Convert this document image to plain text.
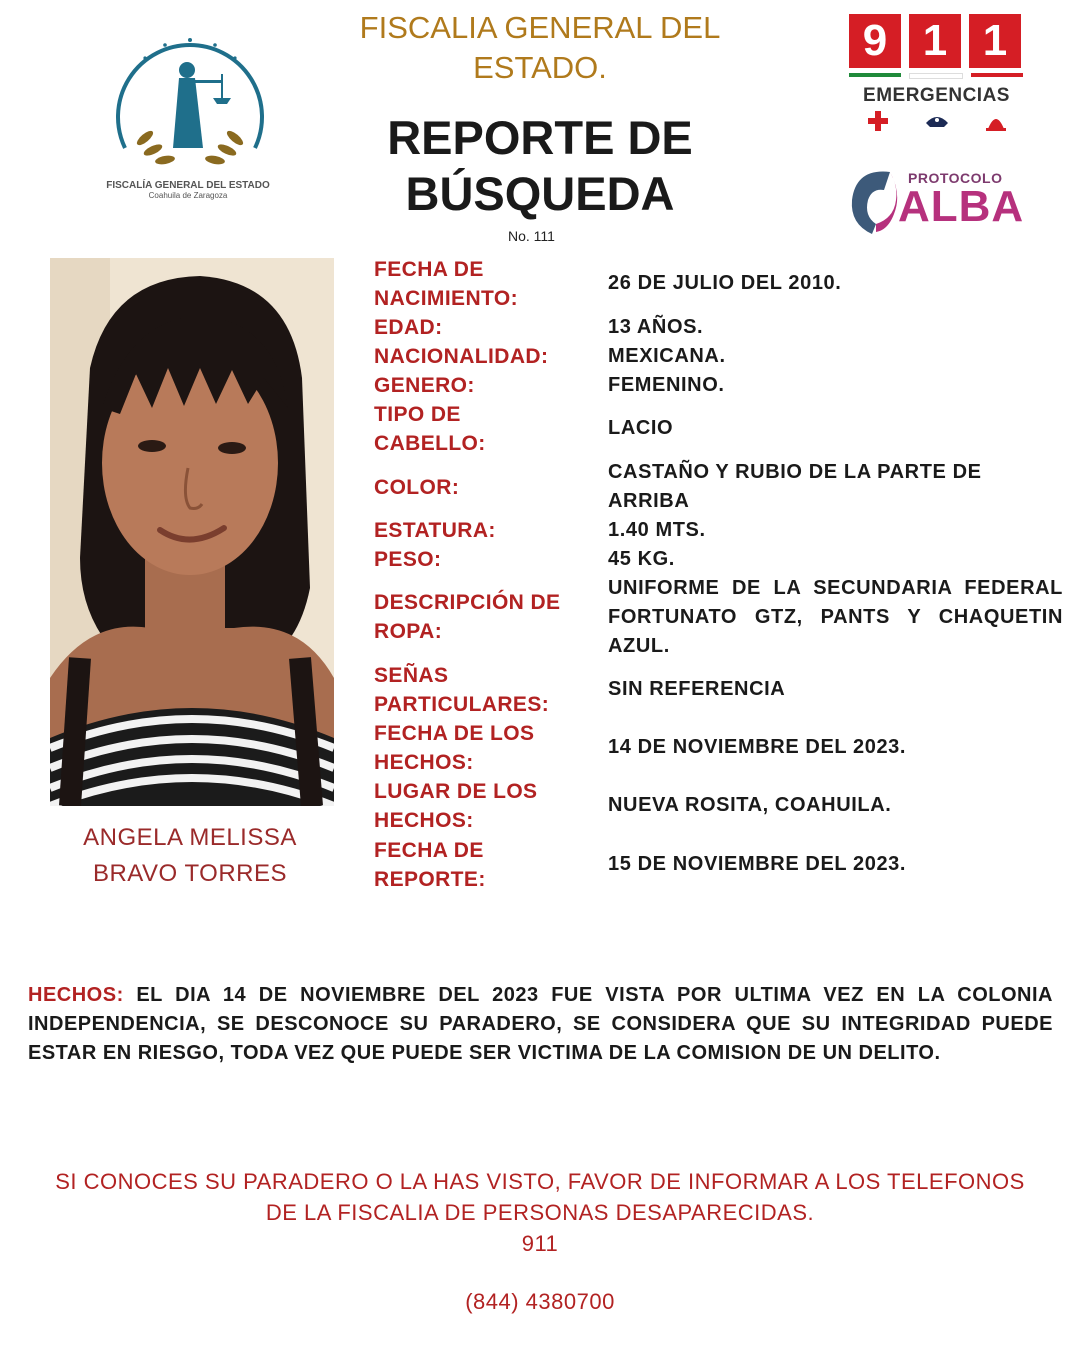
FISCALIA GENERAL DEL
ESTADO.
REPORTE DE
BÚSQUEDA
No. 111
FISCALÍA GENERAL DEL ESTADO
Coahuila de Zaragoza
9 1 1
EMERGENCIAS
PROTOCOLO
ALBA
ANGELA MELISSA
BRAVO TORRES
FECHA DE NACIMIENTO:
26 DE JULIO DEL 2010.
EDAD:	13 AÑOS.
NACIONALIDAD:	MEXICANA.
GENERO:	FEMENINO.
TIPO DE CABELLO:
LACIO
COLOR:
CASTAÑO Y RUBIO DE LA PARTE DE ARRIBA
ESTATURA:	1.40 MTS.
PESO:	45 KG.
DESCRIPCIÓN DE ROPA:
UNIFORME DE LA SECUNDARIA FEDERAL FORTUNATO GTZ, PANTS Y CHAQUETIN AZUL.
SEÑAS PARTICULARES:
SIN REFERENCIA
FECHA DE LOS HECHOS:
14 DE NOVIEMBRE DEL 2023.
LUGAR DE LOS HECHOS:
NUEVA ROSITA, COAHUILA.
FECHA DE REPORTE:
15 DE NOVIEMBRE DEL 2023.
HECHOS: EL DIA 14 DE NOVIEMBRE DEL 2023 FUE VISTA POR ULTIMA VEZ EN LA COLONIA INDEPENDENCIA, SE DESCONOCE SU PARADERO, SE CONSIDERA QUE SU INTEGRIDAD PUEDE ESTAR EN RIESGO, TODA VEZ QUE PUEDE SER VICTIMA DE LA COMISION DE UN DELITO.
SI CONOCES SU PARADERO O LA HAS VISTO, FAVOR DE INFORMAR A LOS TELEFONOS DE LA FISCALIA DE PERSONAS DESAPARECIDAS.
911
(844) 4380700
